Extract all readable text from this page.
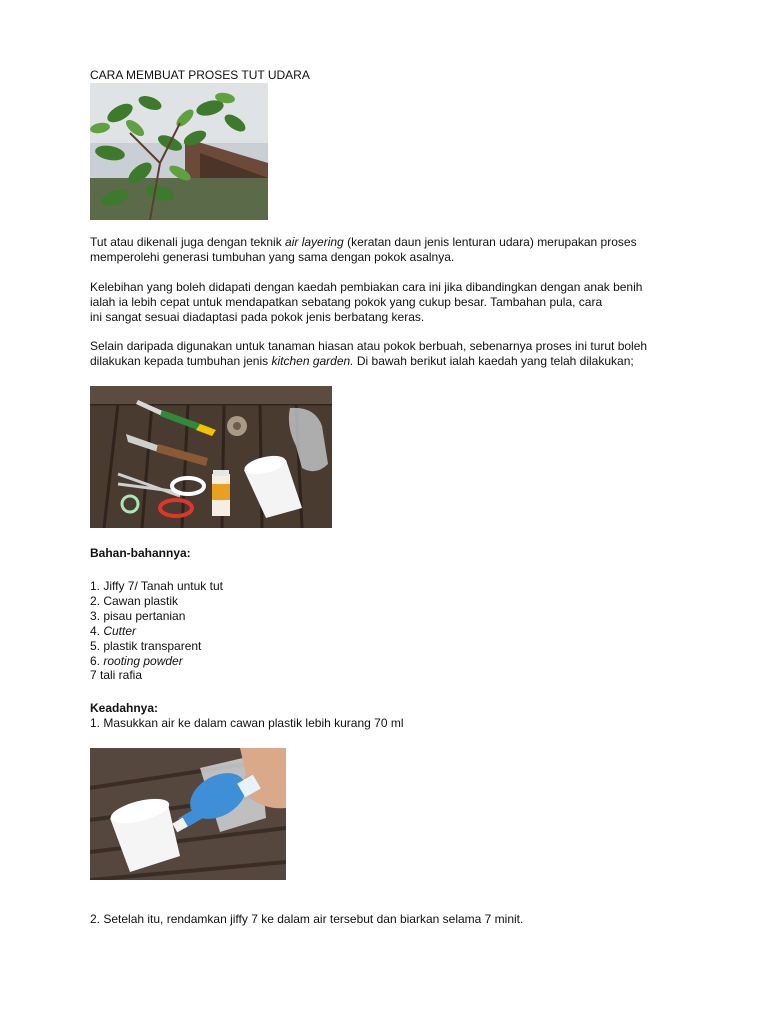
CARA MEMBUAT PROSES TUT UDARA

Tut atau dikenali juga dengan teknik air layering (keratan daun jenis lenturan udara) merupakan proses

memperolehi generasi tumbuhan yang sama dengan pokok asalnya.

Kelebihan yang boleh didapati dengan kaedah pembiakan cara ini jika dibandingkan dengan anak benih

ialah ia lebih cepat untuk mendapatkan sebatang pokok yang cukup besar. Tambahan pula, cara

ini sangat sesuai diadaptasi pada pokok jenis berbatang keras.

Selain daripada digunakan untuk tanaman hiasan atau pokok berbuah, sebenarnya proses ini turut boleh

dilakukan kepada tumbuhan jenis kitchen garden. Di bawah berikut ialah kaedah yang telah dilakukan;

Bahan-bahannya:

1. Jiffy 7/ Tanah untuk tut

2. Cawan plastik

3. pisau pertanian

4. Cutter

5. plastik transparent

6. rooting powder

7 tali rafia

Keadahnya:

1. Masukkan air ke dalam cawan plastik lebih kurang 70 ml

2. Setelah itu, rendamkan jiffy 7 ke dalam air tersebut dan biarkan selama 7 minit.
